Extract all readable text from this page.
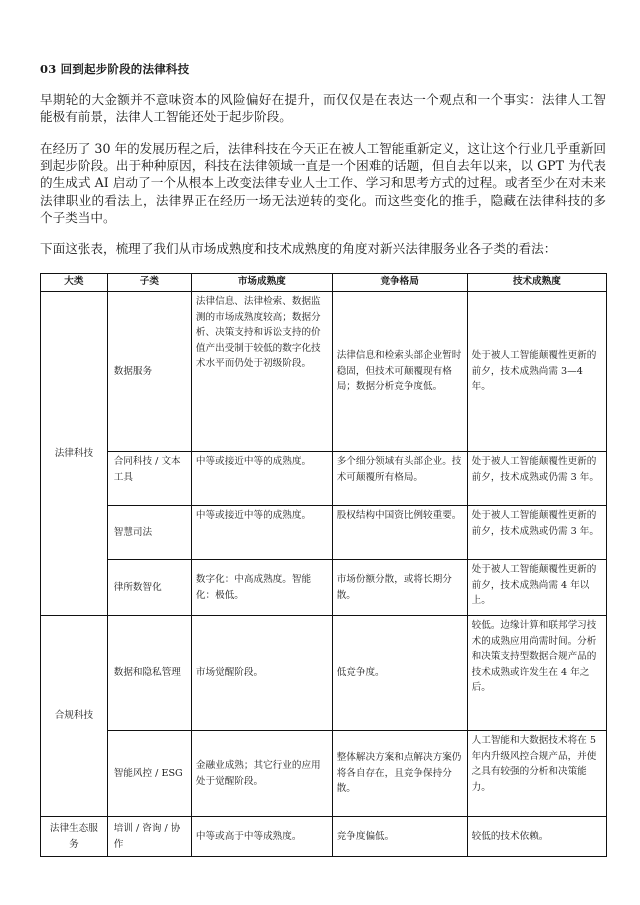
03 回到起步阶段的法律科技

早期轮的大金额并不意味资本的风险偏好在提升，而仅仅是在表达一个观点和一个事实：法律人工智能极有前景，法律人工智能还处于起步阶段。

在经历了 30 年的发展历程之后，法律科技在今天正在被人工智能重新定义，这让这个行业几乎重新回到起步阶段。出于种种原因，科技在法律领域一直是一个困难的话题，但自去年以来，以 GPT 为代表的生成式 AI 启动了一个从根本上改变法律专业人士工作、学习和思考方式的过程。或者至少在对未来法律职业的看法上，法律界正在经历一场无法逆转的变化。而这些变化的推手，隐藏在法律科技的多个子类当中。

下面这张表，梳理了我们从市场成熟度和技术成熟度的角度对新兴法律服务业各子类的看法：

大类	子类	市场成熟度	竞争格局	技术成熟度
法律科技	数据服务	法律信息、法律检索、数据监测的市场成熟度较高；数据分析、决策支持和诉讼支持的价值产出受制于较低的数字化技术水平而仍处于初级阶段。	法律信息和检索头部企业暂时稳固，但技术可颠覆现有格局；数据分析竞争度低。	处于被人工智能颠覆性更新的前夕，技术成熟尚需 3—4 年。
	合同科技 / 文本工具	中等或接近中等的成熟度。	多个细分领域有头部企业。技术可颠覆所有格局。	处于被人工智能颠覆性更新的前夕，技术成熟或仍需 3 年。
	智慧司法	中等或接近中等的成熟度。	股权结构中国资比例较重要。	处于被人工智能颠覆性更新的前夕，技术成熟或仍需 3 年。
	律所数智化	数字化：中高成熟度。智能化：极低。	市场份额分散，或将长期分散。	处于被人工智能颠覆性更新的前夕，技术成熟尚需 4 年以上。
合规科技	数据和隐私管理	市场觉醒阶段。	低竞争度。	较低。边缘计算和联邦学习技术的成熟应用尚需时间。分析和决策支持型数据合规产品的技术成熟或许发生在 4 年之后。
	智能风控 / ESG	金融业成熟；其它行业的应用处于觉醒阶段。	整体解决方案和点解决方案仍将各自存在，且竞争保持分散。	人工智能和大数据技术将在 5 年内升级风控合规产品，并使之具有较强的分析和决策能力。
法律生态服务	培训 / 咨询 / 协作	中等或高于中等成熟度。	竞争度偏低。	较低的技术依赖。
